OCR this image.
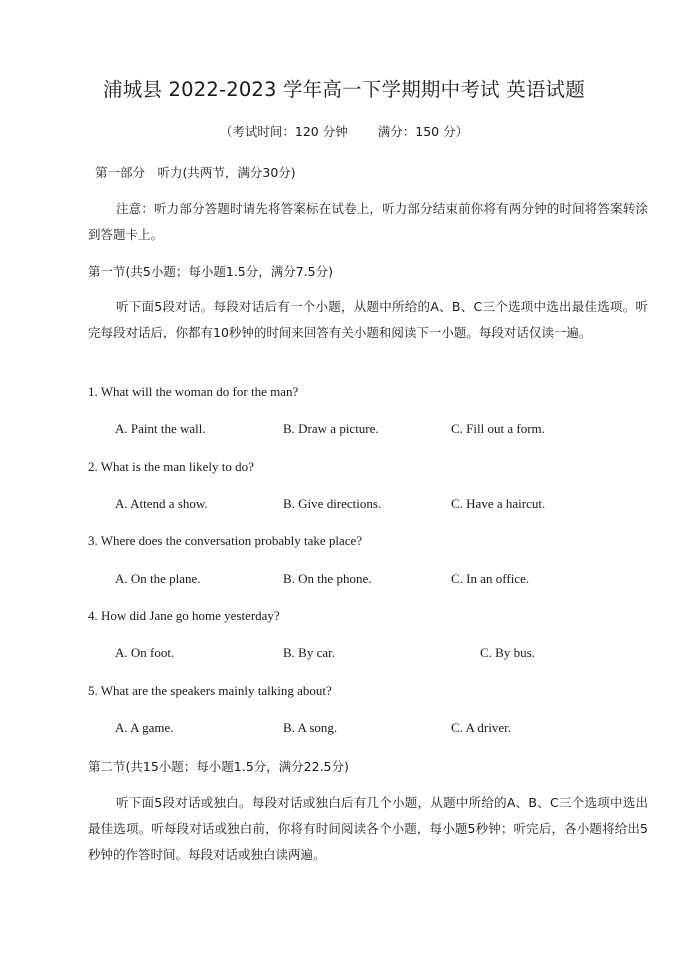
浦城县 2022-2023 学年高一下学期期中考试 英语试题
（考试时间：120 分钟 满分：150 分）
第一部分　听力(共两节，满分30分)
注意：听力部分答题时请先将答案标在试卷上，听力部分结束前你将有两分钟的时间将答案转涂到答题卡上。
第一节(共5小题；每小题1.5分，满分7.5分)
听下面5段对话。每段对话后有一个小题，从题中所给的A、B、C三个选项中选出最佳选项。听完每段对话后，你都有10秒钟的时间来回答有关小题和阅读下一小题。每段对话仅读一遍。
1. What will the woman do for the man?
A. Paint the wall.	B. Draw a picture.	C. Fill out a form.
2. What is the man likely to do?
A. Attend a show.	B. Give directions.	C. Have a haircut.
3. Where does the conversation probably take place?
A. On the plane.	B. On the phone.	C. In an office.
4. How did Jane go home yesterday?
A. On foot.	B. By car.	C. By bus.
5. What are the speakers mainly talking about?
A. A game.	B. A song.	C. A driver.
第二节(共15小题；每小题1.5分，满分22.5分)
听下面5段对话或独白。每段对话或独白后有几个小题，从题中所给的A、B、C三个选项中选出最佳选项。听每段对话或独白前，你将有时间阅读各个小题，每小题5秒钟；听完后，各小题将给出5秒钟的作答时间。每段对话或独白读两遍。
